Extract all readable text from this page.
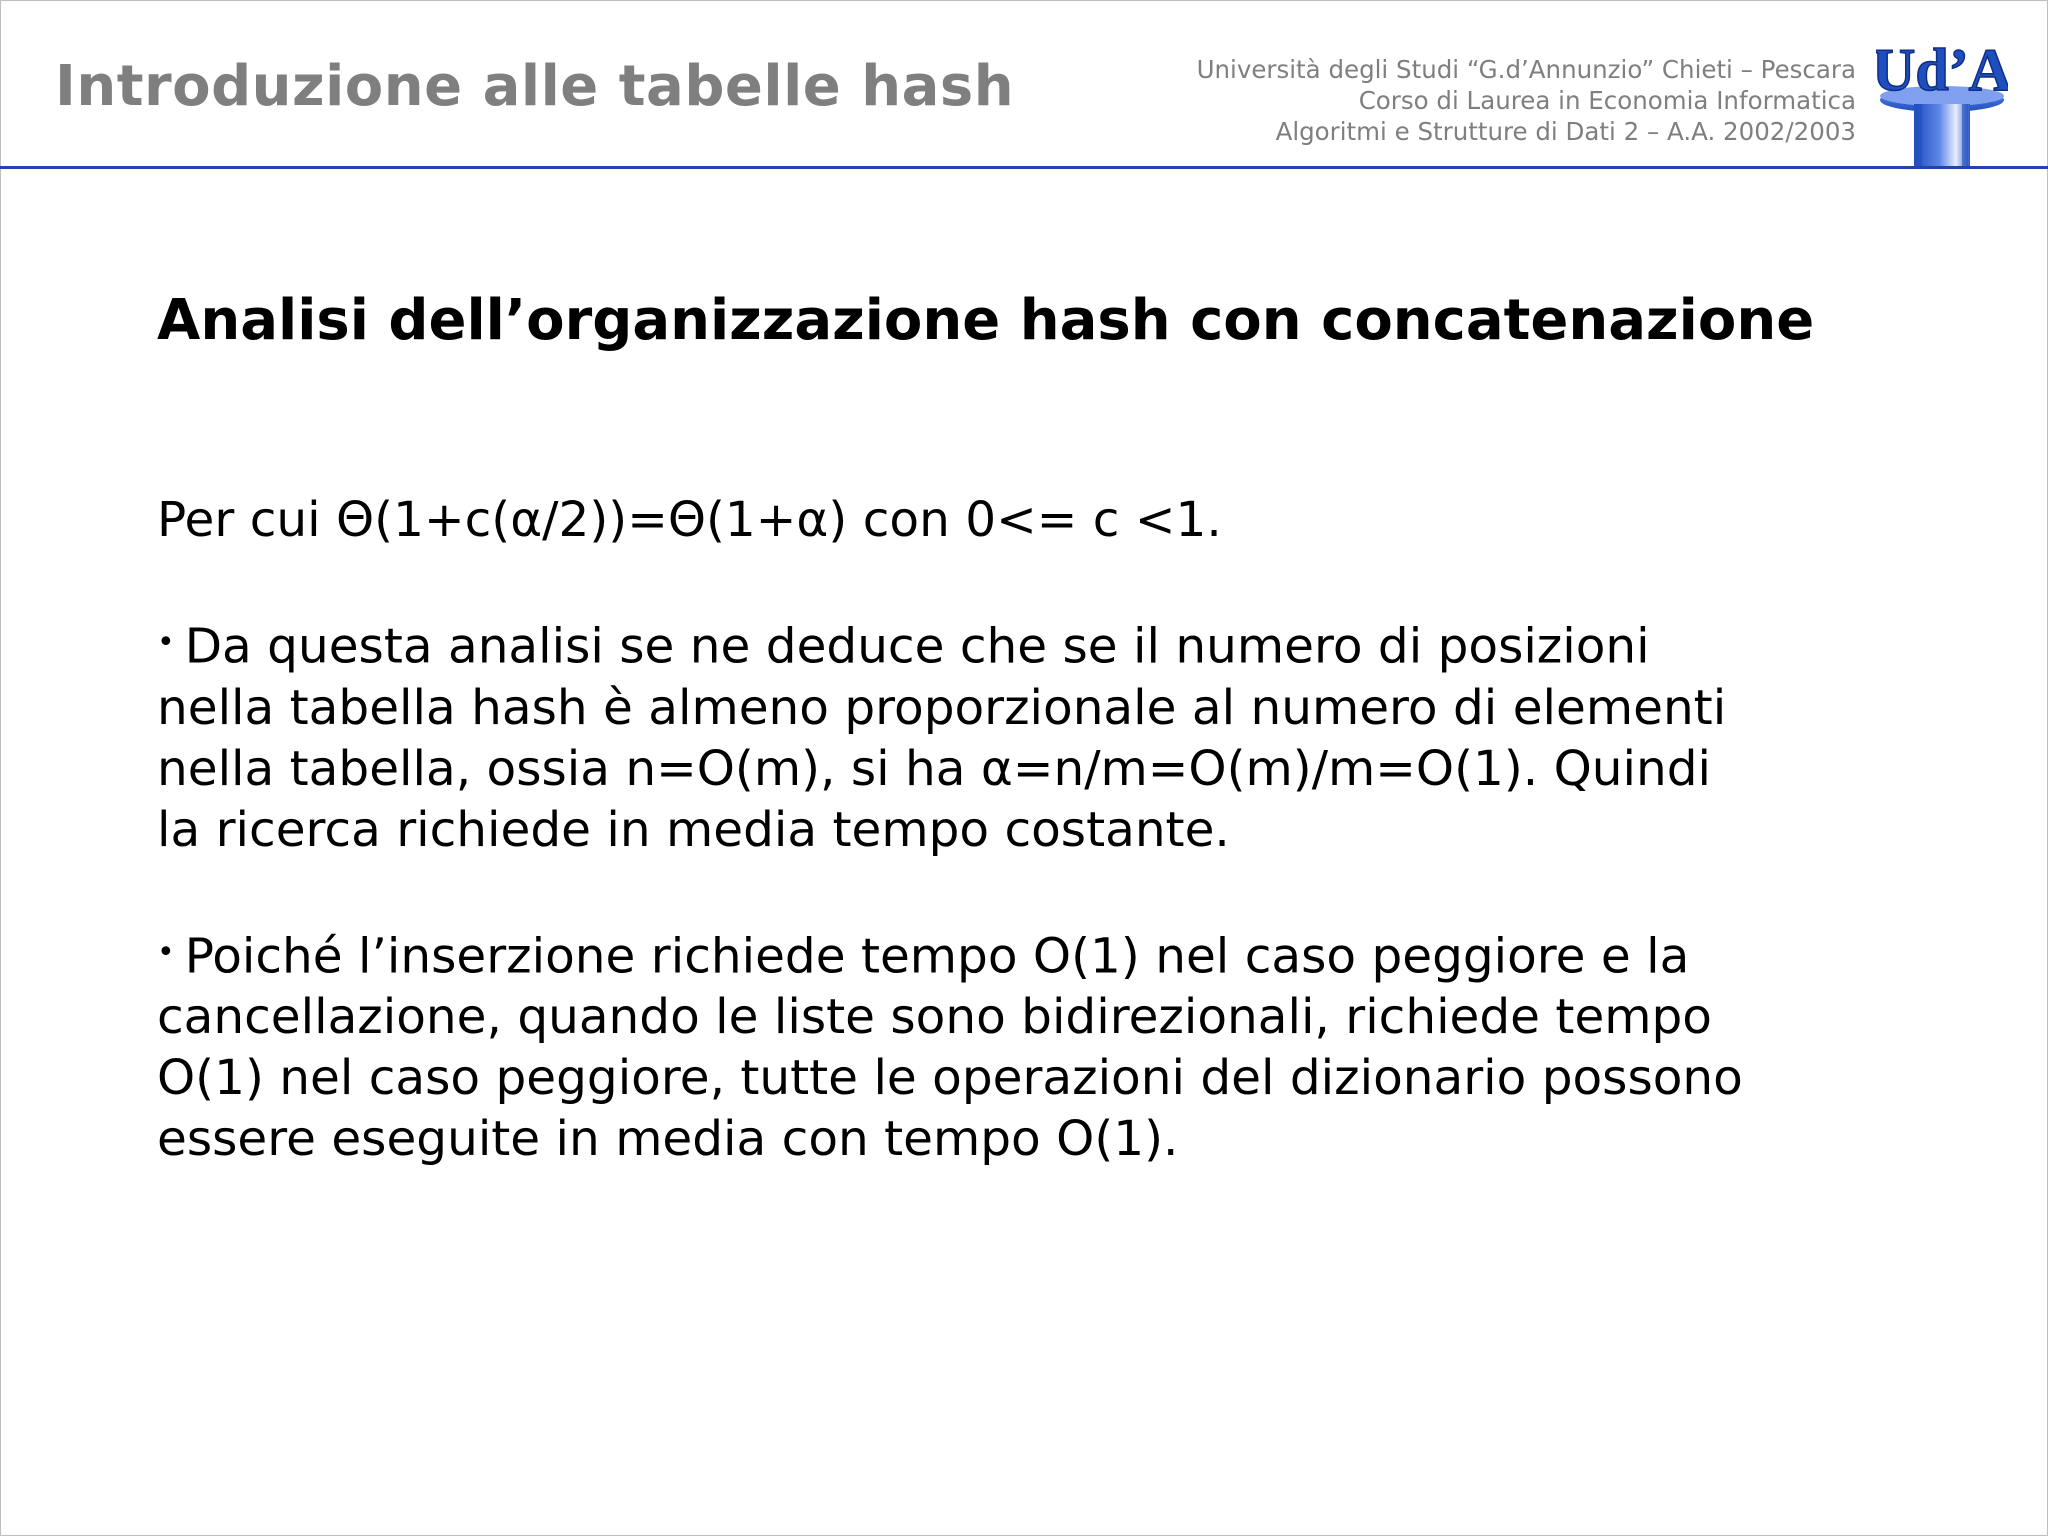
Introduzione alle tabelle hash	Università degli Studi “G.d’Annunzio” Chieti – Pescara
Corso di Laurea in Economia Informatica
Algoritmi e Strutture di Dati 2 – A.A. 2002/2003
Ud’A
Analisi dell’organizzazione hash con concatenazione

Per cui Θ(1+c(α/2))=Θ(1+α) con 0<= c <1.

• Da questa analisi se ne deduce che se il numero di posizioni
nella tabella hash è almeno proporzionale al numero di elementi
nella tabella, ossia n=O(m), si ha α=n/m=O(m)/m=O(1). Quindi
la ricerca richiede in media tempo costante.

• Poiché l’inserzione richiede tempo O(1) nel caso peggiore e la
cancellazione, quando le liste sono bidirezionali, richiede tempo
O(1) nel caso peggiore, tutte le operazioni del dizionario possono
essere eseguite in media con tempo O(1).
